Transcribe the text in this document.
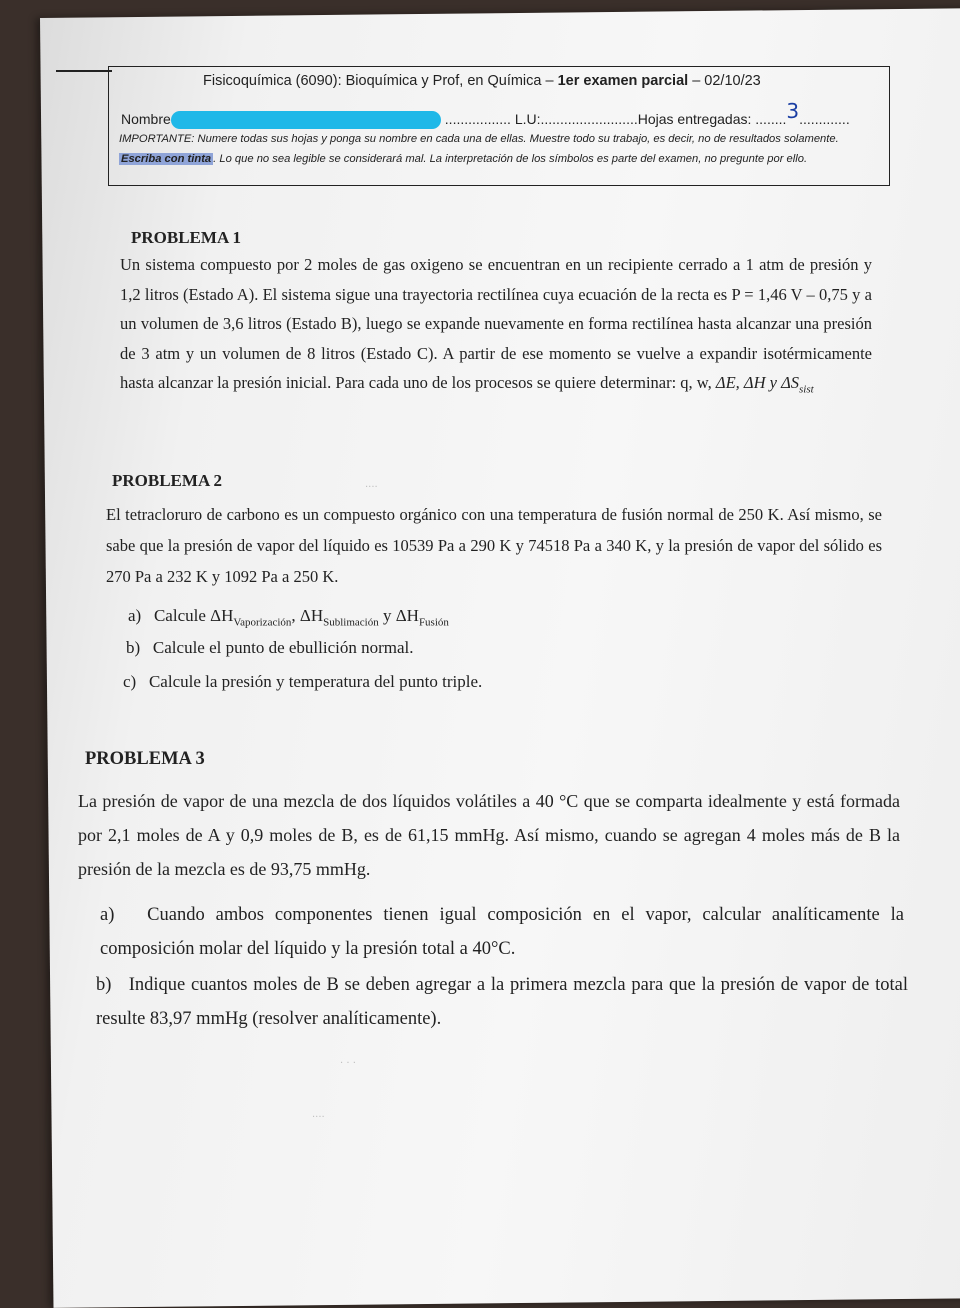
Fisicoquímica (6090): Bioquímica y Prof, en Química – 1er examen parcial – 02/10/23
Nombre	................. L.U:.........................Hojas entregadas: ........3.............
IMPORTANTE: Numere todas sus hojas y ponga su nombre en cada una de ellas. Muestre todo su trabajo, es decir, no de resultados solamente. Escriba con tinta . Lo que no sea legible se considerará mal. La interpretación de los símbolos es parte del examen, no pregunte por ello.
PROBLEMA 1
Un sistema compuesto por 2 moles de gas oxigeno se encuentran en un recipiente cerrado a 1 atm de presión y 1,2 litros (Estado A). El sistema sigue una trayectoria rectilínea cuya ecuación de la recta es P = 1,46 V – 0,75 y a un volumen de 3,6 litros (Estado B), luego se expande nuevamente en forma rectilínea hasta alcanzar una presión de 3 atm y un volumen de 8 litros (Estado C). A partir de ese momento se vuelve a expandir isotérmicamente hasta alcanzar la presión inicial. Para cada uno de los procesos se quiere determinar: q, w, ΔE, ΔH y $\Delta S_{sist}$
PROBLEMA 2	‧‧‧‧
El tetracloruro de carbono es un compuesto orgánico con una temperatura de fusión normal de 250 K. Así mismo, se sabe que la presión de vapor del líquido es 10539 Pa a 290 K y 74518 Pa a 340 K, y la presión de vapor del sólido es 270 Pa a 232 K y 1092 Pa a 250 K.
a) Calcule $\Delta H_{Vaporización}$, $\Delta H_{Sublimación}$ y $\Delta H_{Fusión}$
b) Calcule el punto de ebullición normal.
c) Calcule la presión y temperatura del punto triple.
PROBLEMA 3
La presión de vapor de una mezcla de dos líquidos volátiles a 40 °C que se comparta idealmente y está formada por 2,1 moles de A y 0,9 moles de B, es de 61,15 mmHg. Así mismo, cuando se agregan 4 moles más de B la presión de la mezcla es de 93,75 mmHg.
a) Cuando ambos componentes tienen igual composición en el vapor, calcular analíticamente la composición molar del líquido y la presión total a 40°C.
b) Indique cuantos moles de B se deben agregar a la primera mezcla para que la presión de vapor de total resulte 83,97 mmHg (resolver analíticamente).
‧ ‧ ‧
‧‧‧‧
